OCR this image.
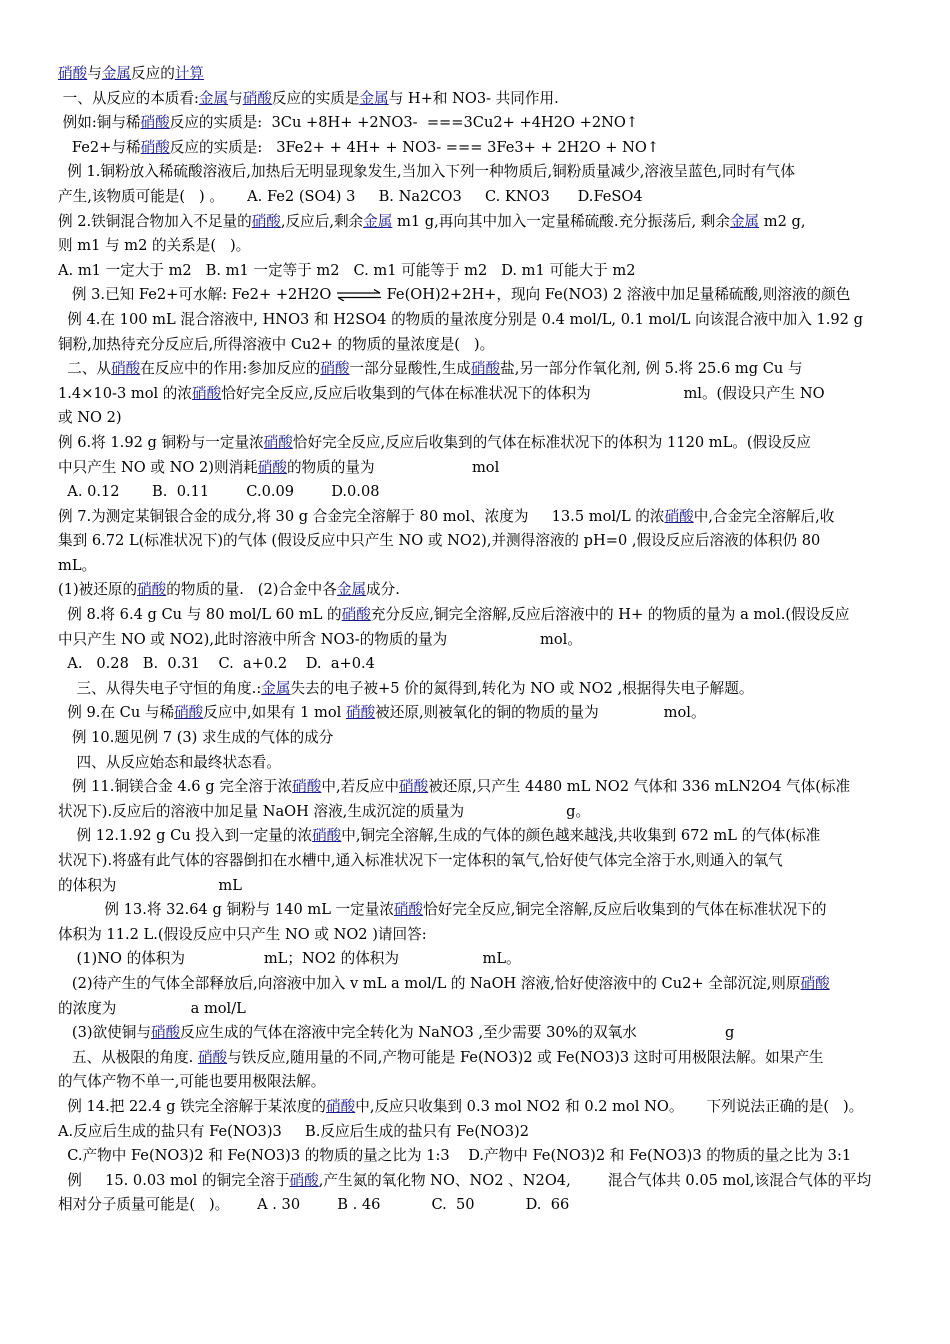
硝酸与金属反应的计算
一、从反应的本质看:金属与硝酸反应的实质是金属与 H+和 NO3- 共同作用.
例如:铜与稀硝酸反应的实质是:  3Cu +8H+ +2NO3-  ===3Cu2+ +4H2O +2NO↑
Fe2+与稀硝酸反应的实质是:   3Fe2+ + 4H+ + NO3- === 3Fe3+ + 2H2O + NO↑
例 1.铜粉放入稀硫酸溶液后,加热后无明显现象发生,当加入下列一种物质后,铜粉质量减少,溶液呈蓝色,同时有气体
产生,该物质可能是(   ) 。     A. Fe2 (SO4) 3     B. Na2CO3     C. KNO3      D.FeSO4
例 2.铁铜混合物加入不足量的硝酸,反应后,剩余金属 m1 g,再向其中加入一定量稀硫酸.充分振荡后, 剩余金属 m2 g,
则 m1 与 m2 的关系是(   )。
A. m1 一定大于 m2   B. m1 一定等于 m2   C. m1 可能等于 m2   D. m1 可能大于 m2
例 3.已知 Fe2+可水解: Fe2+ +2H2O ⇌ Fe(OH)2+2H+，现向 Fe(NO3) 2 溶液中加足量稀硫酸,则溶液的颜色
例 4.在 100 mL 混合溶液中, HNO3 和 H2SO4 的物质的量浓度分别是 0.4 mol/L, 0.1 mol/L 向该混合液中加入 1.92 g
铜粉,加热待充分反应后,所得溶液中 Cu2+ 的物质的量浓度是(   )。
二、从硝酸在反应中的作用:参加反应的硝酸一部分显酸性,生成硝酸盐,另一部分作氧化剂, 例 5.将 25.6 mg Cu 与
1.4×10-3 mol 的浓硝酸恰好完全反应,反应后收集到的气体在标准状况下的体积为                    ml。(假设只产生 NO
或 NO 2)
例 6.将 1.92 g 铜粉与一定量浓硝酸恰好完全反应,反应后收集到的气体在标准状况下的体积为 1120 mL。(假设反应
中只产生 NO 或 NO 2)则消耗硝酸的物质的量为                     mol
A. 0.12       B.  0.11        C.0.09        D.0.08
例 7.为测定某铜银合金的成分,将 30 g 合金完全溶解于 80 mol、浓度为     13.5 mol/L 的浓硝酸中,合金完全溶解后,收
集到 6.72 L(标准状况下)的气体 (假设反应中只产生 NO 或 NO2),并测得溶液的 pH=0 ,假设反应后溶液的体积仍 80
mL。
(1)被还原的硝酸的物质的量.   (2)合金中各金属成分.
例 8.将 6.4 g Cu 与 80 mol/L 60 mL 的硝酸充分反应,铜完全溶解,反应后溶液中的 H+ 的物质的量为 a mol.(假设反应
中只产生 NO 或 NO2),此时溶液中所含 NO3-的物质的量为                    mol。
A.   0.28   B.  0.31    C.  a+0.2    D.  a+0.4
三、从得失电子守恒的角度.:金属失去的电子被+5 价的氮得到,转化为 NO 或 NO2 ,根据得失电子解题。
例 9.在 Cu 与稀硝酸反应中,如果有 1 mol 硝酸被还原,则被氧化的铜的物质的量为              mol。
例 10.题见例 7 (3) 求生成的气体的成分
四、从反应始态和最终状态看。
例 11.铜镁合金 4.6 g 完全溶于浓硝酸中,若反应中硝酸被还原,只产生 4480 mL NO2 气体和 336 mLN2O4 气体(标准
状况下).反应后的溶液中加足量 NaOH 溶液,生成沉淀的质量为                      g。
例 12.1.92 g Cu 投入到一定量的浓硝酸中,铜完全溶解,生成的气体的颜色越来越浅,共收集到 672 mL 的气体(标准
状况下).将盛有此气体的容器倒扣在水槽中,通入标准状况下一定体积的氧气,恰好使气体完全溶于水,则通入的氧气
的体积为                      mL
例 13.将 32.64 g 铜粉与 140 mL 一定量浓硝酸恰好完全反应,铜完全溶解,反应后收集到的气体在标准状况下的
体积为 11.2 L.(假设反应中只产生 NO 或 NO2 )请回答:
(1)NO 的体积为                 mL；NO2 的体积为                  mL。
(2)待产生的气体全部释放后,向溶液中加入 v mL a mol/L 的 NaOH 溶液,恰好使溶液中的 Cu2+ 全部沉淀,则原硝酸
的浓度为                a mol/L
(3)欲使铜与硝酸反应生成的气体在溶液中完全转化为 NaNO3 ,至少需要 30%的双氧水                   g
五、从极限的角度. 硝酸与铁反应,随用量的不同,产物可能是 Fe(NO3)2 或 Fe(NO3)3 这时可用极限法解。如果产生
的气体产物不单一,可能也要用极限法解。
例 14.把 22.4 g 铁完全溶解于某浓度的硝酸中,反应只收集到 0.3 mol NO2 和 0.2 mol NO。     下列说法正确的是(   )。
A.反应后生成的盐只有 Fe(NO3)3     B.反应后生成的盐只有 Fe(NO3)2
C.产物中 Fe(NO3)2 和 Fe(NO3)3 的物质的量之比为 1:3    D.产物中 Fe(NO3)2 和 Fe(NO3)3 的物质的量之比为 3:1
例     15. 0.03 mol 的铜完全溶于硝酸,产生氮的氧化物 NO、NO2 、N2O4,        混合气体共 0.05 mol,该混合气体的平均
相对分子质量可能是(   )。      A . 30        B . 46           C.  50           D.  66
